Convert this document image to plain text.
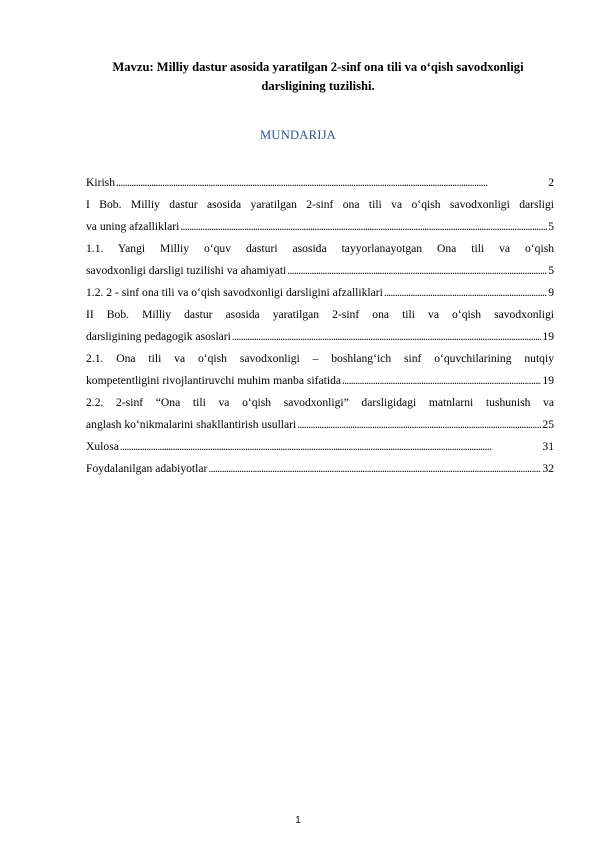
Mavzu: Milliy dastur asosida yaratilgan 2-sinf ona tili va o‘qish savodxonligi
darsligining tuzilishi.
MUNDARIJA
Kirish . . .	2
I Bob. Milliy dastur asosida yaratilgan 2-sinf ona tili va o‘qish savodxonligi darsligi
va uning afzalliklari . . .	5
1.1. Yangi Milliy o‘quv dasturi asosida tayyorlanayotgan Ona tili va o‘qish
savodxonligi darsligi tuzilishi va ahamiyati . . .	5
1.2. 2 - sinf ona tili va o‘qish savodxonligi darsligini afzalliklari . . .	9
II Bob. Milliy dastur asosida yaratilgan 2-sinf ona tili va o‘qish savodxonligi
darsligining pedagogik asoslari . . .	19
2.1. Ona tili va o‘qish savodxonligi – boshlang‘ich sinf o‘quvchilarining nutqiy
kompetentligini rivojlantiruvchi muhim manba sifatida . . .	19
2.2. 2-sinf “Ona tili va o‘qish savodxonligi” darsligidagi matnlarni tushunish va
anglash ko‘nikmalarini shakllantirish usullari . . .	25
Xulosa . . .	31
Foydalanilgan adabiyotlar . . .	32
1
